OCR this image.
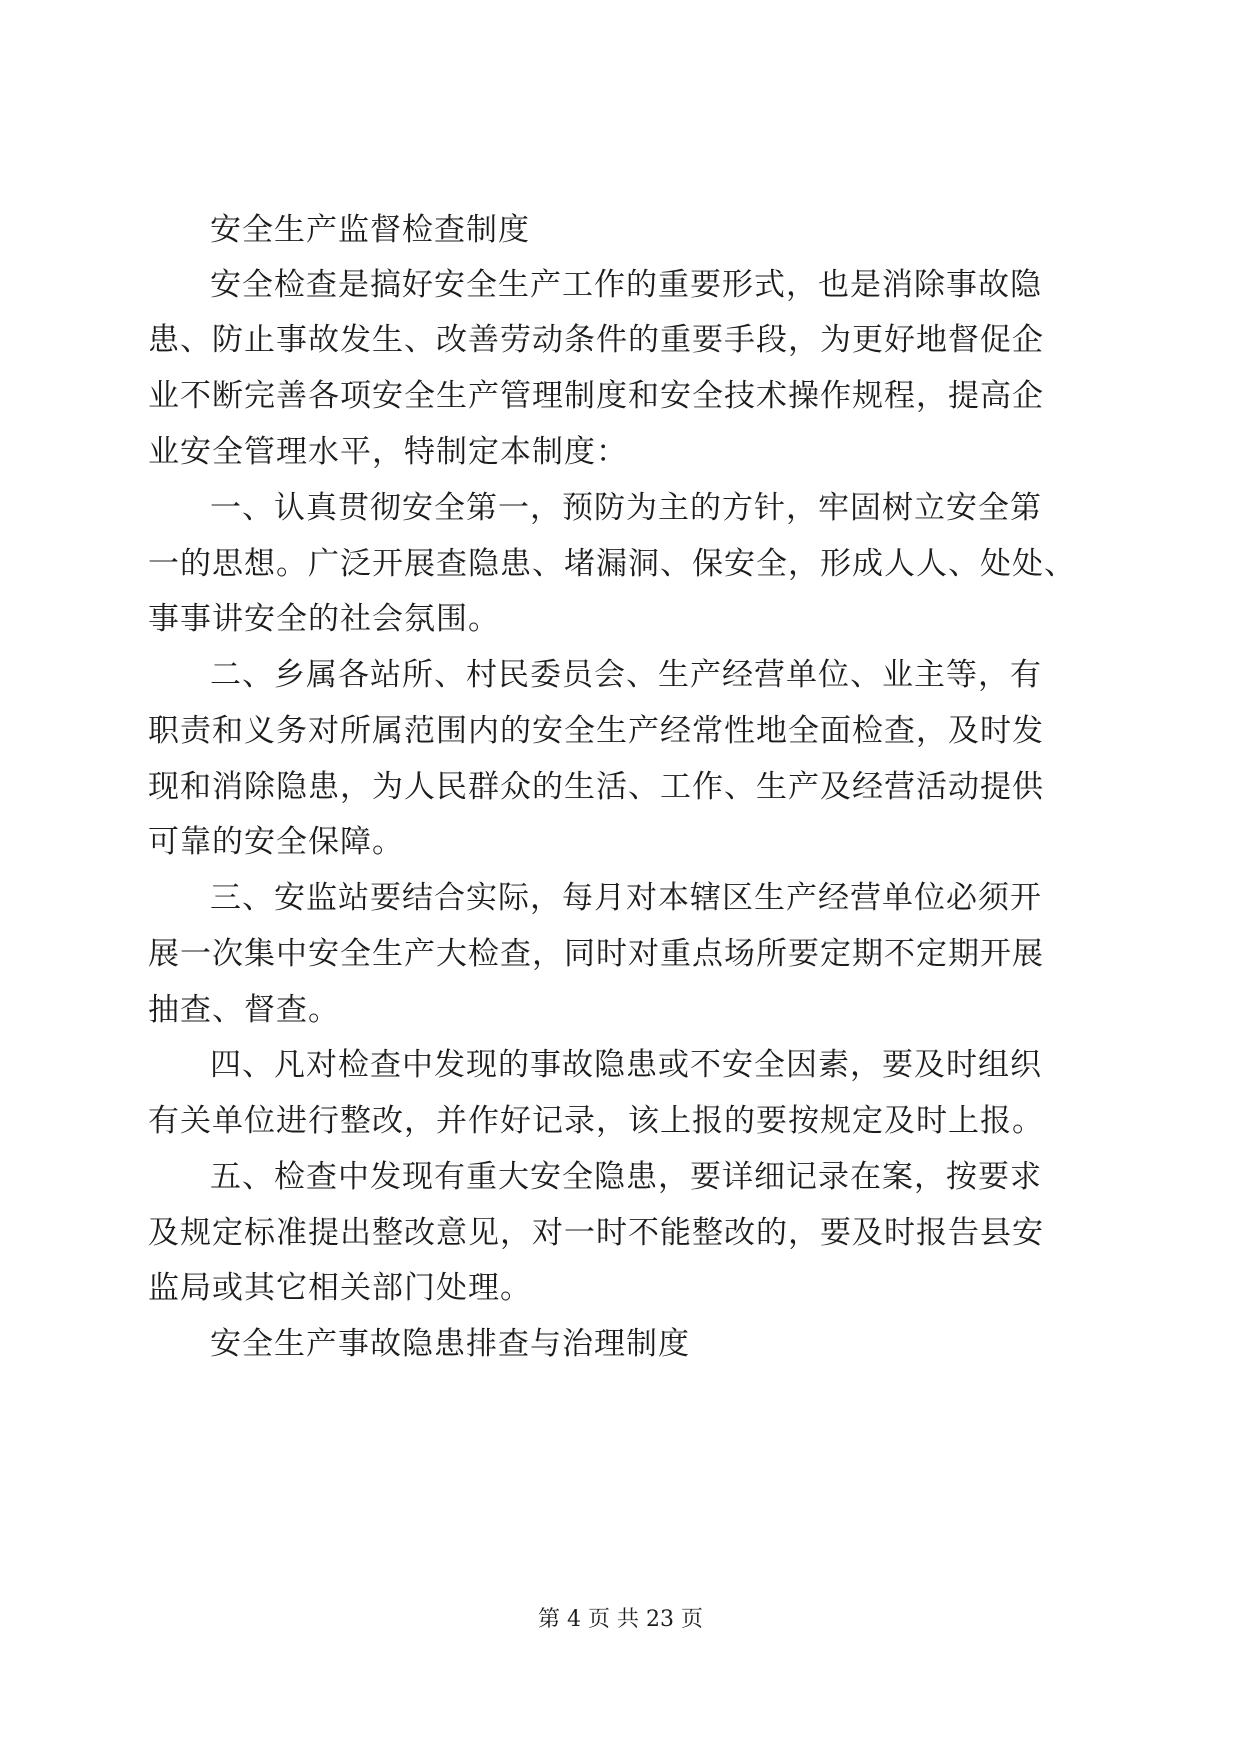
安全生产监督检查制度
安全检查是搞好安全生产工作的重要形式，也是消除事故隐
患、防止事故发生、改善劳动条件的重要手段，为更好地督促企
业不断完善各项安全生产管理制度和安全技术操作规程，提高企
业安全管理水平，特制定本制度：
一、认真贯彻安全第一，预防为主的方针，牢固树立安全第
一的思想。广泛开展查隐患、堵漏洞、保安全，形成人人、处处、
事事讲安全的社会氛围。
二、乡属各站所、村民委员会、生产经营单位、业主等，有
职责和义务对所属范围内的安全生产经常性地全面检查，及时发
现和消除隐患，为人民群众的生活、工作、生产及经营活动提供
可靠的安全保障。
三、安监站要结合实际，每月对本辖区生产经营单位必须开
展一次集中安全生产大检查，同时对重点场所要定期不定期开展
抽查、督查。
四、凡对检查中发现的事故隐患或不安全因素，要及时组织
有关单位进行整改，并作好记录，该上报的要按规定及时上报。
五、检查中发现有重大安全隐患，要详细记录在案，按要求
及规定标准提出整改意见，对一时不能整改的，要及时报告县安
监局或其它相关部门处理。
安全生产事故隐患排查与治理制度
第 4 页 共 23 页
